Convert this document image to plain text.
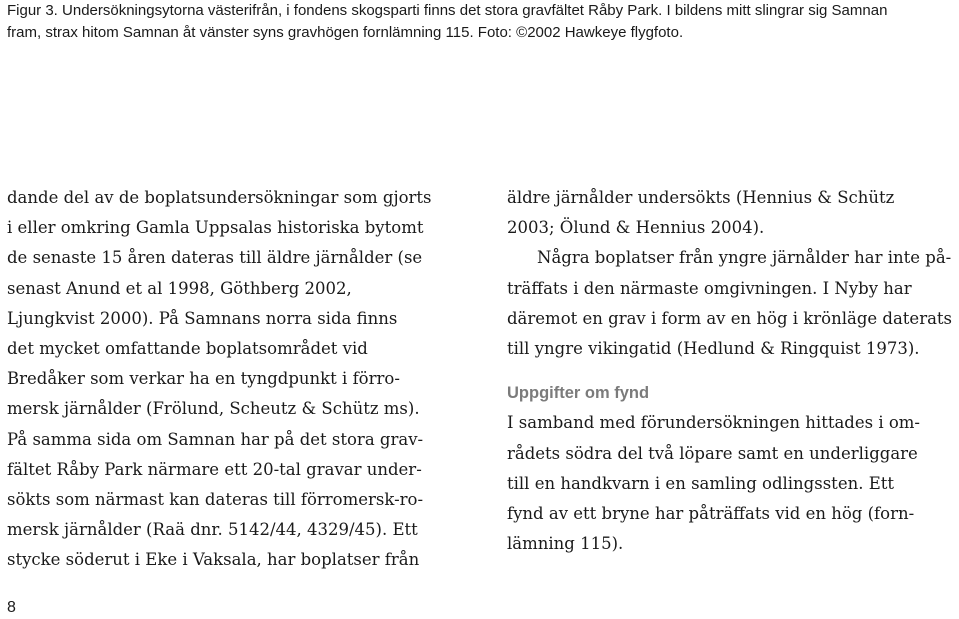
Figur 3. Undersökningsytorna västerifrån, i fondens skogsparti finns det stora gravfältet Råby Park. I bildens mitt slingrar sig Samnan
fram, strax hitom Samnan åt vänster syns gravhögen fornlämning 115. Foto: ©2002 Hawkeye flygfoto.
dande del av de boplatsundersökningar som gjorts
i eller omkring Gamla Uppsalas historiska bytomt
de senaste 15 åren dateras till äldre järnålder (se
senast Anund et al 1998, Göthberg 2002,
Ljungkvist 2000). På Samnans norra sida finns
det mycket omfattande boplatsområdet vid
Bredåker som verkar ha en tyngdpunkt i förro-
mersk järnålder (Frölund, Scheutz & Schütz ms).
På samma sida om Samnan har på det stora grav-
fältet Råby Park närmare ett 20-tal gravar under-
sökts som närmast kan dateras till förromersk-ro-
mersk järnålder (Raä dnr. 5142/44, 4329/45). Ett
stycke söderut i Eke i Vaksala, har boplatser från
äldre järnålder undersökts (Hennius & Schütz
2003; Ölund & Hennius 2004).
Några boplatser från yngre järnålder har inte på-
träffats i den närmaste omgivningen. I Nyby har
däremot en grav i form av en hög i krönläge daterats
till yngre vikingatid (Hedlund & Ringquist 1973).
Uppgifter om fynd
I samband med förundersökningen hittades i om-
rådets södra del två löpare samt en underliggare
till en handkvarn i en samling odlingssten. Ett
fynd av ett bryne har påträffats vid en hög (forn-
lämning 115).
8
